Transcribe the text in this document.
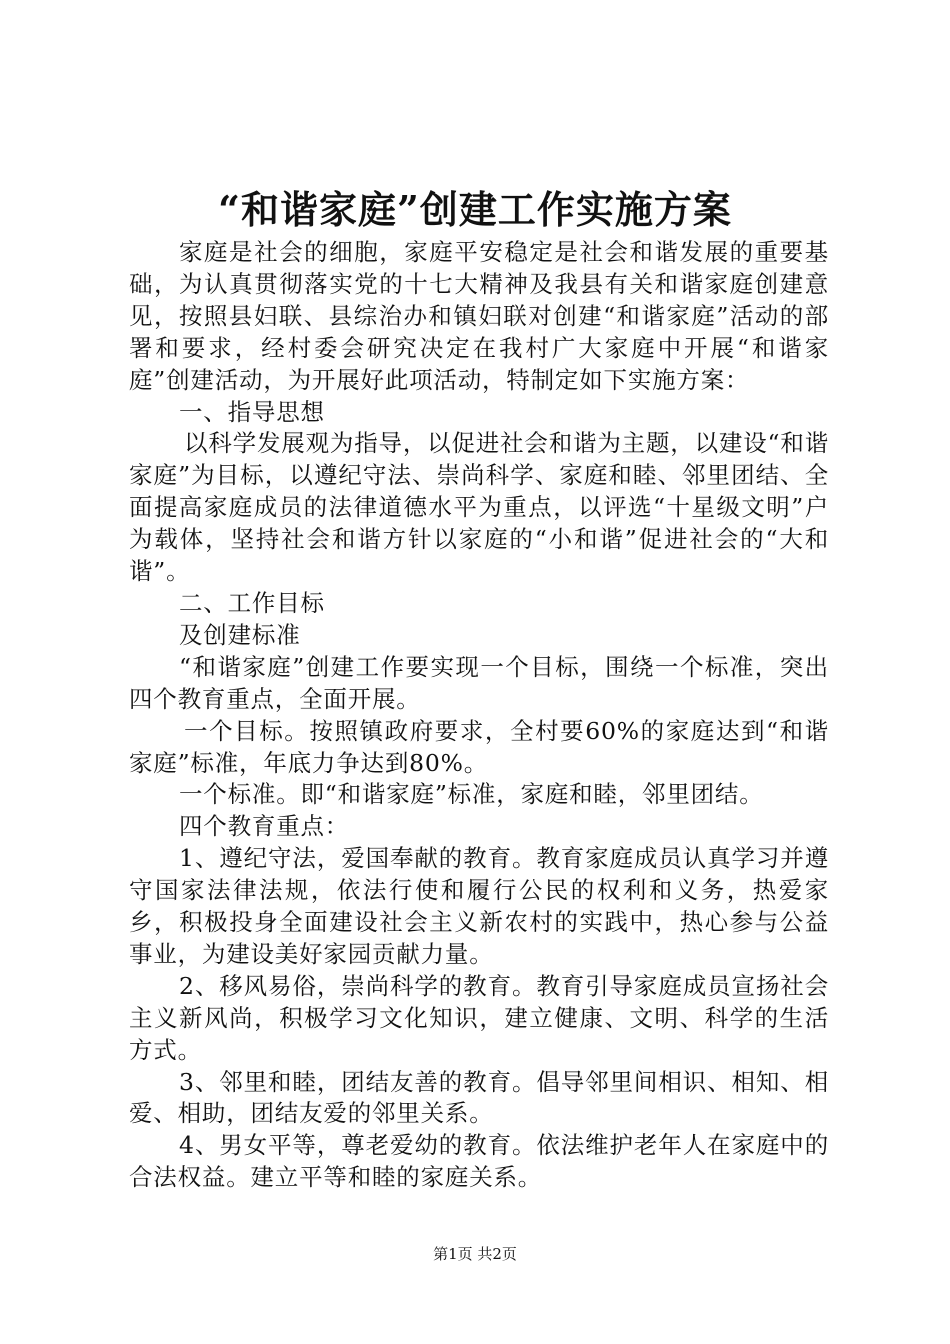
“和谐家庭”创建工作实施方案

家庭是社会的细胞，家庭平安稳定是社会和谐发展的重要基础，为认真贯彻落实党的十七大精神及我县有关和谐家庭创建意见，按照县妇联、县综治办和镇妇联对创建“和谐家庭”活动的部署和要求，经村委会研究决定在我村广大家庭中开展“和谐家庭”创建活动，为开展好此项活动，特制定如下实施方案：

一、指导思想

以科学发展观为指导，以促进社会和谐为主题，以建设“和谐家庭”为目标，以遵纪守法、崇尚科学、家庭和睦、邻里团结、全面提高家庭成员的法律道德水平为重点，以评选“十星级文明”户为载体，坚持社会和谐方针以家庭的“小和谐”促进社会的“大和谐”。

二、工作目标

及创建标准

“和谐家庭”创建工作要实现一个目标，围绕一个标准，突出四个教育重点，全面开展。

一个目标。按照镇政府要求，全村要60%的家庭达到“和谐家庭”标准，年底力争达到80%。

一个标准。即“和谐家庭”标准，家庭和睦，邻里团结。

四个教育重点：

1、遵纪守法，爱国奉献的教育。教育家庭成员认真学习并遵守国家法律法规，依法行使和履行公民的权利和义务，热爱家乡，积极投身全面建设社会主义新农村的实践中，热心参与公益事业，为建设美好家园贡献力量。

2、移风易俗，崇尚科学的教育。教育引导家庭成员宣扬社会主义新风尚，积极学习文化知识，建立健康、文明、科学的生活方式。

3、邻里和睦，团结友善的教育。倡导邻里间相识、相知、相爱、相助，团结友爱的邻里关系。

4、男女平等，尊老爱幼的教育。依法维护老年人在家庭中的合法权益。建立平等和睦的家庭关系。

第1页 共2页
